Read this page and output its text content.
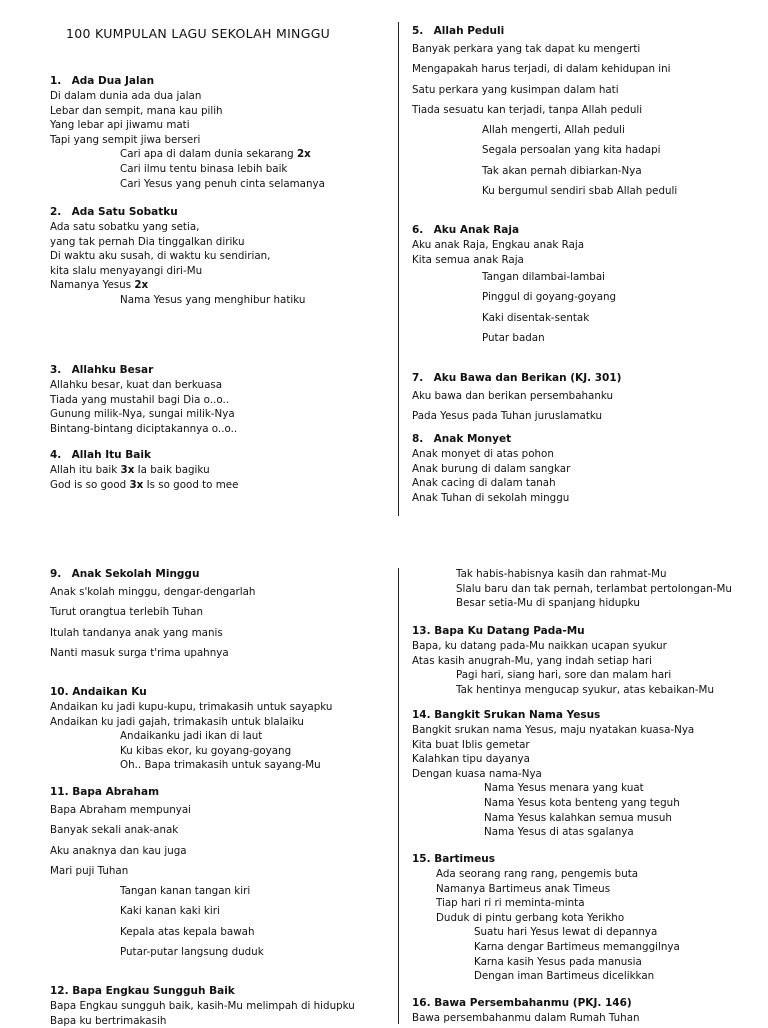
100 KUMPULAN LAGU SEKOLAH MINGGU
1. Ada Dua Jalan
Di dalam dunia ada dua jalan
Lebar dan sempit, mana kau pilih
Yang lebar api jiwamu mati
Tapi yang sempit jiwa berseri
Cari apa di dalam dunia sekarang 2x
Cari ilmu tentu binasa lebih baik
Cari Yesus yang penuh cinta selamanya
2. Ada Satu Sobatku
Ada satu sobatku yang setia,
yang tak pernah Dia tinggalkan diriku
Di waktu aku susah, di waktu ku sendirian,
kita slalu menyayangi diri-Mu
Namanya Yesus 2x
Nama Yesus yang menghibur hatiku
3. Allahku Besar
Allahku besar, kuat dan berkuasa
Tiada yang mustahil bagi Dia o..o..
Gunung milik-Nya, sungai milik-Nya
Bintang-bintang diciptakannya o..o..
4. Allah Itu Baik
Allah itu baik 3x Ia baik bagiku
God is so good 3x Is so good to mee
5. Allah Peduli
Banyak perkara yang tak dapat ku mengerti
Mengapakah harus terjadi, di dalam kehidupan ini
Satu perkara yang kusimpan dalam hati
Tiada sesuatu kan terjadi, tanpa Allah peduli
Allah mengerti, Allah peduli
Segala persoalan yang kita hadapi
Tak akan pernah dibiarkan-Nya
Ku bergumul sendiri sbab Allah peduli
6. Aku Anak Raja
Aku anak Raja, Engkau anak Raja
Kita semua anak Raja
Tangan dilambai-lambai
Pinggul di goyang-goyang
Kaki disentak-sentak
Putar badan
7. Aku Bawa dan Berikan (KJ. 301)
Aku bawa dan berikan persembahanku
Pada Yesus pada Tuhan juruslamatku
8. Anak Monyet
Anak monyet di atas pohon
Anak burung di dalam sangkar
Anak cacing di dalam tanah
Anak Tuhan di sekolah minggu
9. Anak Sekolah Minggu
Anak s'kolah minggu, dengar-dengarlah
Turut orangtua terlebih Tuhan
Itulah tandanya anak yang manis
Nanti masuk surga t'rima upahnya
10. Andaikan Ku
Andaikan ku jadi kupu-kupu, trimakasih untuk sayapku
Andaikan ku jadi gajah, trimakasih untuk blalaiku
Andaikanku jadi ikan di laut
Ku kibas ekor, ku goyang-goyang
Oh.. Bapa trimakasih untuk sayang-Mu
11. Bapa Abraham
Bapa Abraham mempunyai
Banyak sekali anak-anak
Aku anaknya dan kau juga
Mari puji Tuhan
Tangan kanan tangan kiri
Kaki kanan kaki kiri
Kepala atas kepala bawah
Putar-putar langsung duduk
12. Bapa Engkau Sungguh Baik
Bapa Engkau sungguh baik, kasih-Mu melimpah di hidupku
Bapa ku bertrimakasih
Tak habis-habisnya kasih dan rahmat-Mu
Slalu baru dan tak pernah, terlambat pertolongan-Mu
Besar setia-Mu di spanjang hidupku
13. Bapa Ku Datang Pada-Mu
Bapa, ku datang pada-Mu naikkan ucapan syukur
Atas kasih anugrah-Mu, yang indah setiap hari
Pagi hari, siang hari, sore dan malam hari
Tak hentinya mengucap syukur, atas kebaikan-Mu
14. Bangkit Srukan Nama Yesus
Bangkit srukan nama Yesus, maju nyatakan kuasa-Nya
Kita buat Iblis gemetar
Kalahkan tipu dayanya
Dengan kuasa nama-Nya
Nama Yesus menara yang kuat
Nama Yesus kota benteng yang teguh
Nama Yesus kalahkan semua musuh
Nama Yesus di atas sgalanya
15. Bartimeus
Ada seorang rang rang, pengemis buta
Namanya Bartimeus anak Timeus
Tiap hari ri ri meminta-minta
Duduk di pintu gerbang kota Yerikho
Suatu hari Yesus lewat di depannya
Karna dengar Bartimeus memanggilnya
Karna kasih Yesus pada manusia
Dengan iman Bartimeus dicelikkan
16. Bawa Persembahanmu (PKJ. 146)
Bawa persembahanmu dalam Rumah Tuhan
